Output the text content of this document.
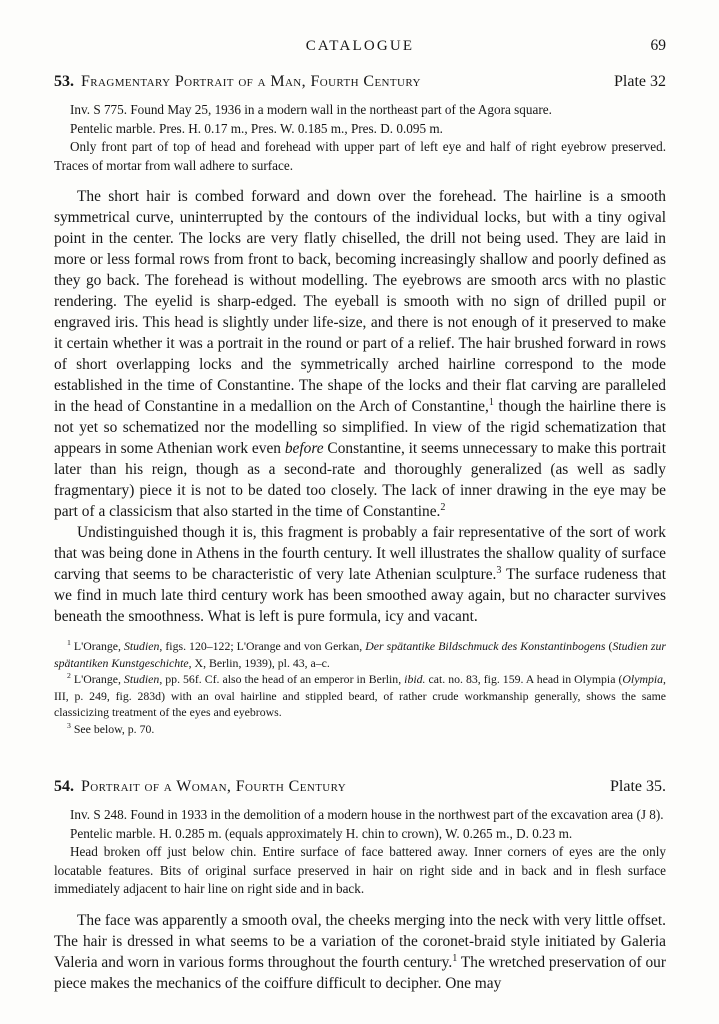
CATALOGUE	69
53. Fragmentary Portrait of a Man, Fourth Century	Plate 32

Inv. S 775. Found May 25, 1936 in a modern wall in the northeast part of the Agora square.

Pentelic marble. Pres. H. 0.17 m., Pres. W. 0.185 m., Pres. D. 0.095 m.

Only front part of top of head and forehead with upper part of left eye and half of right eyebrow preserved. Traces of mortar from wall adhere to surface.

The short hair is combed forward and down over the forehead. The hairline is a smooth symmetrical curve, uninterrupted by the contours of the individual locks, but with a tiny ogival point in the center. The locks are very flatly chiselled, the drill not being used. They are laid in more or less formal rows from front to back, becoming increasingly shallow and poorly defined as they go back. The forehead is without modelling. The eyebrows are smooth arcs with no plastic rendering. The eyelid is sharp-edged. The eyeball is smooth with no sign of drilled pupil or engraved iris. This head is slightly under life-size, and there is not enough of it preserved to make it certain whether it was a portrait in the round or part of a relief. The hair brushed forward in rows of short overlapping locks and the symmetrically arched hairline correspond to the mode established in the time of Constantine. The shape of the locks and their flat carving are paralleled in the head of Constantine in a medallion on the Arch of Constantine,$^1$ though the hairline there is not yet so schematized nor the modelling so simplified. In view of the rigid schematization that appears in some Athenian work even before Constantine, it seems unnecessary to make this portrait later than his reign, though as a second-rate and thoroughly generalized (as well as sadly fragmentary) piece it is not to be dated too closely. The lack of inner drawing in the eye may be part of a classicism that also started in the time of Constantine.$^2$

Undistinguished though it is, this fragment is probably a fair representative of the sort of work that was being done in Athens in the fourth century. It well illustrates the shallow quality of surface carving that seems to be characteristic of very late Athenian sculpture.$^3$ The surface rudeness that we find in much late third century work has been smoothed away again, but no character survives beneath the smoothness. What is left is pure formula, icy and vacant.

$^1$ L'Orange, Studien, figs. 120–122; L'Orange and von Gerkan, Der spätantike Bildschmuck des Konstantinbogens (Studien zur spätantiken Kunstgeschichte, X, Berlin, 1939), pl. 43, a–c.

$^2$ L'Orange, Studien, pp. 56f. Cf. also the head of an emperor in Berlin, ibid. cat. no. 83, fig. 159. A head in Olympia (Olympia, III, p. 249, fig. 283d) with an oval hairline and stippled beard, of rather crude workmanship generally, shows the same classicizing treatment of the eyes and eyebrows.

$^3$ See below, p. 70.

54. Portrait of a Woman, Fourth Century	Plate 35.

Inv. S 248. Found in 1933 in the demolition of a modern house in the northwest part of the excavation area (J 8).

Pentelic marble. H. 0.285 m. (equals approximately H. chin to crown), W. 0.265 m., D. 0.23 m.

Head broken off just below chin. Entire surface of face battered away. Inner corners of eyes are the only locatable features. Bits of original surface preserved in hair on right side and in back and in flesh surface immediately adjacent to hair line on right side and in back.

The face was apparently a smooth oval, the cheeks merging into the neck with very little offset. The hair is dressed in what seems to be a variation of the coronet-braid style initiated by Galeria Valeria and worn in various forms throughout the fourth century.$^1$ The wretched preservation of our piece makes the mechanics of the coiffure difficult to decipher. One may
